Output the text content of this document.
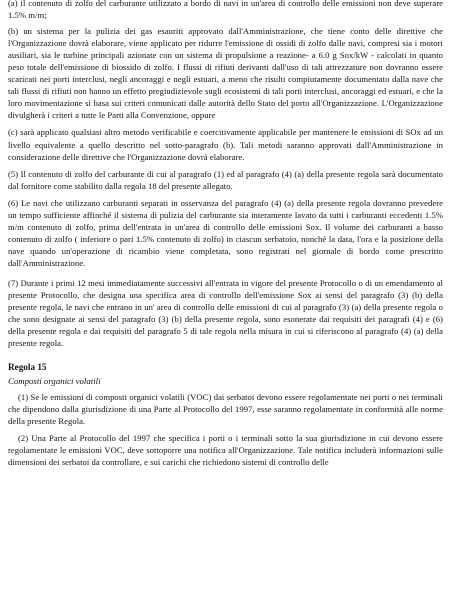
(a) il contenuto di zolfo del carburante utilizzato a bordo di navi in un'area di controllo delle emissioni non deve superare 1.5% m/m;

(b) un sistema per la pulizia dei gas esauriti approvato dall'Amministrazione, che tiene conto delle direttive che l'Organizzazione dovrà elaborare, viene applicato per ridurre l'emissione di ossidi di zolfo dalle navi, compresi sia i motori ausiliari, sia le turbine principali azionate con un sistema di propulsione a reazione- a 6.0 g Sox/kW - calcolati in quanto peso totale dell'emissione di biossido di zolfo. I flussi di rifiuti derivanti dall'uso di tali attrezzature non dovranno essere scaricati nei porti interclusi, negli ancoraggi e negli estuari, a meno che risulti compiutamente documentato dalla nave che tali flussi di rifiuti non hanno un effetto pregiudizievole sugli ecosistemi di tali porti interclusi, ancoraggi ed estuari, e che la loro movimentazione si basa sui criteri comunicati dalle autorità dello Stato del porto all'Organizzazione. L'Organizzazione divulgherà i criteri a tutte le Parti alla Convenzione, oppure

(c) sarà applicato qualsiasi altro metodo verificabile e coercitivamente applicabile per mantenere le emissioni di SOx ad un livello equivalente a quello descritto nel sotto-paragrafo (b). Tali metodi saranno approvati dall'Amministrazione in considerazione delle direttive che l'Organizzazione dovrà elaborare.

(5) Il contenuto di zolfo del carburante di cui al paragrafo (1) ed al paragrafo (4) (a) della presente regola sarà documentato dal fornitore come stabilito dalla regola 18 del presente allegato.

(6) Le navi che utilizzano carburanti separati in osservanza del paragrafo (4) (a) della presente regola dovranno prevedere un tempo sufficiente affinché il sistema di pulizia del carburante sia interamente lavato da tutti i carburanti eccedenti 1.5% m/m contenuto di zolfo, prima dell'entrata in un'area di controllo delle emissioni Sox. Il volume dei carburanti a basso contenuto di zolfo ( inferiore o pari 1.5% contenuto di zolfo) in ciascun serbatoio, nonché la data, l'ora e la posizione della nave quando un'operazione di ricambio viene completata, sono registrati nel giornale di bordo come prescritto dall'Amministrazione.

(7) Durante i primi 12 mesi immediatamente successivi all'entrata in vigore del presente Protocollo o di un emendamento al presente Protocollo, che designa una specifica area di controllo dell'emissione Sox ai sensi del paragrafo (3) (b) della presente regola, le navi che entrano in un' area di controllo delle emissioni di cui al paragrafo (3) (a) della presente regola o che sono designate ai sensi del paragrafo (3) (b) della presente regola, sono esonerate dai requisiti dei paragrafi (4) e (6) della presente regola e dai requisiti del paragrafo 5 di tale regola nella misura in cui si riferiscono al paragrafo (4) (a) della presente regola.

Regola 15
Composti organici volatili

(1) Se le emissioni di composti organici volatili (VOC) dai serbatoi devono essere regolamentate nei porti o nei terminali che dipendono dalla giurisdizione di una Parte al Protocollo del 1997, esse saranno regolamentate in conformità alle norme della presente Regola.

(2) Una Parte al Protocollo del 1997 che specifica i porti o i terminali sotto la sua giurisdizione in cui devono essere regolamentate le emissioni VOC, deve sottoporre una notifica all'Organizzazione. Tale notifica includerà informazioni sulle dimensioni dei serbatoi da controllare, e sui carichi che richiedono sistemi di controllo delle
